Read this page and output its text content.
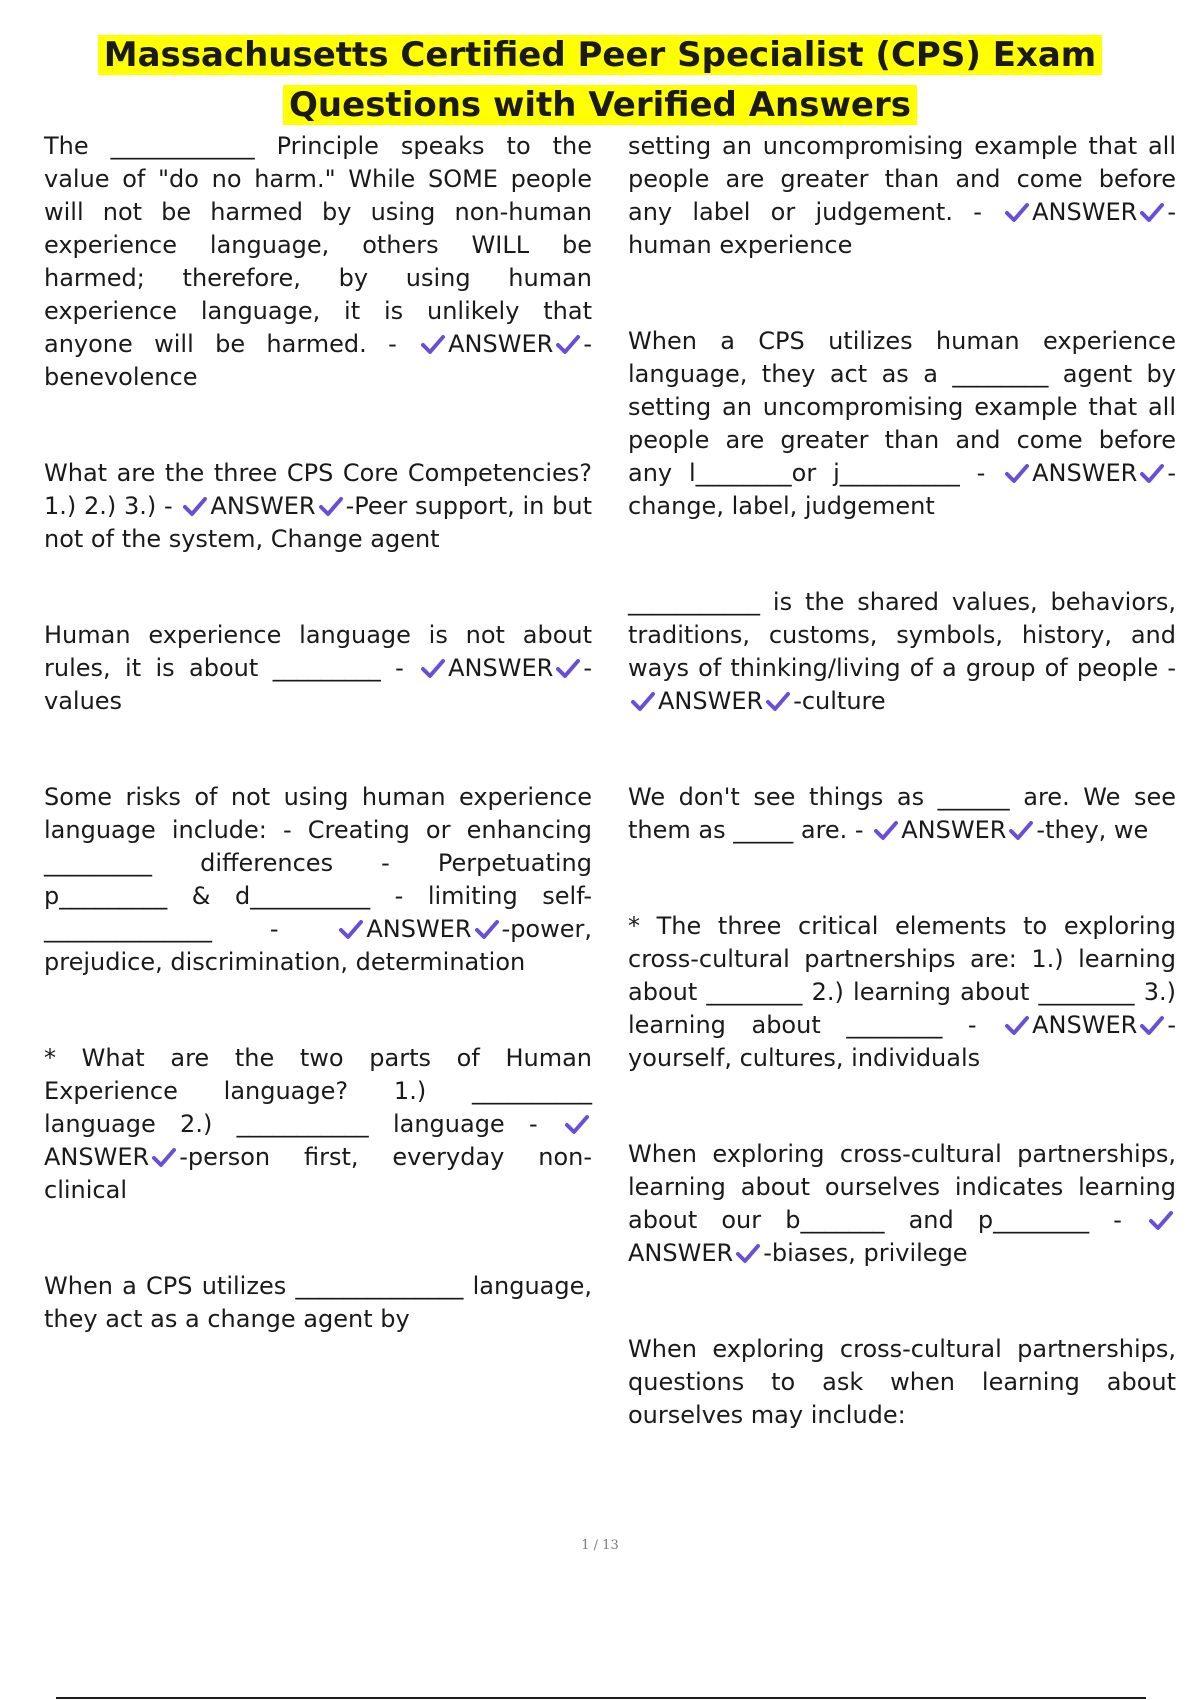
Massachusetts Certified Peer Specialist (CPS) Exam Questions with Verified Answers
The ____________ Principle speaks to the value of "do no harm." While SOME people will not be harmed by using non-human experience language, others WILL be harmed; therefore, by using human experience language, it is unlikely that anyone will be harmed. - ANSWER -benevolence
What are the three CPS Core Competencies? 1.) 2.) 3.) - ANSWER -Peer support, in but not of the system, Change agent
Human experience language is not about rules, it is about _________ - ANSWER -values
Some risks of not using human experience language include: - Creating or enhancing _________ differences - Perpetuating p_________ & d__________ - limiting self-______________ -	ANSWER -power, prejudice, discrimination, determination
* What are the two parts of Human Experience language? 1.) __________ language 2.) ___________ language - ANSWER -person first, everyday non-clinical
When a CPS utilizes ______________ language, they act as a change agent by
setting an uncompromising example that all people are greater than and come before any label or judgement. - ANSWER -human experience
When a CPS utilizes human experience language, they act as a ________ agent by setting an uncompromising example that all people are greater than and come before any l________or j__________ - ANSWER -change, label, judgement
___________ is the shared values, behaviors, traditions, customs, symbols, history, and ways of thinking/living of a group of people - ANSWER -culture
We don't see things as ______ are. We see them as _____ are. - ANSWER -they, we
* The three critical elements to exploring cross-cultural partnerships are: 1.) learning about ________ 2.) learning about ________ 3.) learning about ________ - ANSWER -yourself, cultures, individuals
When exploring cross-cultural partnerships, learning about ourselves indicates learning about our b_______ and p________ - ANSWER -biases, privilege
When exploring cross-cultural partnerships, questions to ask when learning about ourselves may include:
1 / 13
